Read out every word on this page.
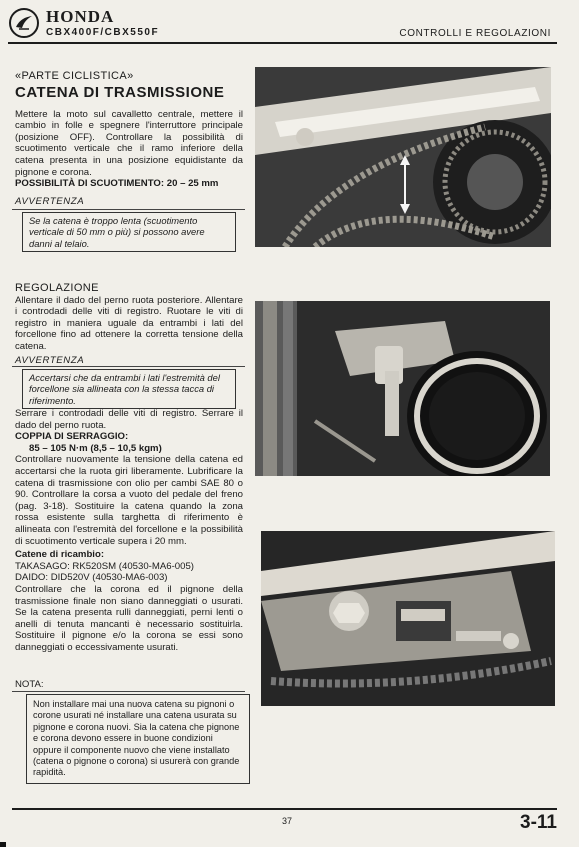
HONDA
CBX400F/CBX550F	CONTROLLI E REGOLAZIONI

«PARTE CICLISTICA»

CATENA DI TRASMISSIONE

Mettere la moto sul cavalletto centrale, mettere il cambio in folle e spegnere l'interruttore principale (posizione OFF). Controllare la possibilità di scuotimento verticale che il ramo inferiore della catena presenta in una posizione equidistante da pignone e corona.

POSSIBILITÀ DI SCUOTIMENTO: 20 – 25 mm

AVVERTENZA

Se la catena è troppo lenta (scuotimento verticale di 50 mm o più) si possono avere danni al telaio.

REGOLAZIONE

Allentare il dado del perno ruota posteriore. Allentare i controdadi delle viti di registro. Ruotare le viti di registro in maniera uguale da entrambi i lati del forcellone fino ad ottenere la corretta tensione della catena.

AVVERTENZA

Accertarsi che da entrambi i lati l'estremità del forcellone sia allineata con la stessa tacca di riferimento.

Serrare i controdadi delle viti di registro. Serrare il dado del perno ruota.

COPPIA DI SERRAGGIO:

85 – 105 N·m (8,5 – 10,5 kgm)

Controllare nuovamente la tensione della catena ed accertarsi che la ruota giri liberamente. Lubrificare la catena di trasmissione con olio per cambi SAE 80 o 90. Controllare la corsa a vuoto del pedale del freno (pag. 3-18). Sostituire la catena quando la zona rossa esistente sulla targhetta di riferimento è allineata con l'estremità del forcellone e la possibilità di scuotimento verticale supera i 20 mm.

Catene di ricambio:

TAKASAGO: RK520SM (40530-MA6-005)

DAIDO: DID520V (40530-MA6-003)

Controllare che la corona ed il pignone della trasmissione finale non siano danneggiati o usurati. Se la catena presenta rulli danneggiati, perni lenti o anelli di tenuta mancanti è necessario sostituirla. Sostituire il pignone e/o la corona se essi sono danneggiati o eccessivamente usurati.

NOTA:
Non installare mai una nuova catena su pignoni o corone usurati né installare una catena usurata su pignone e corona nuovi. Sia la catena che pignone e corona devono essere in buone condizioni oppure il componente nuovo che viene installato (catena o pignone o corona) si usurerà con grande rapidità.
37	3-11
